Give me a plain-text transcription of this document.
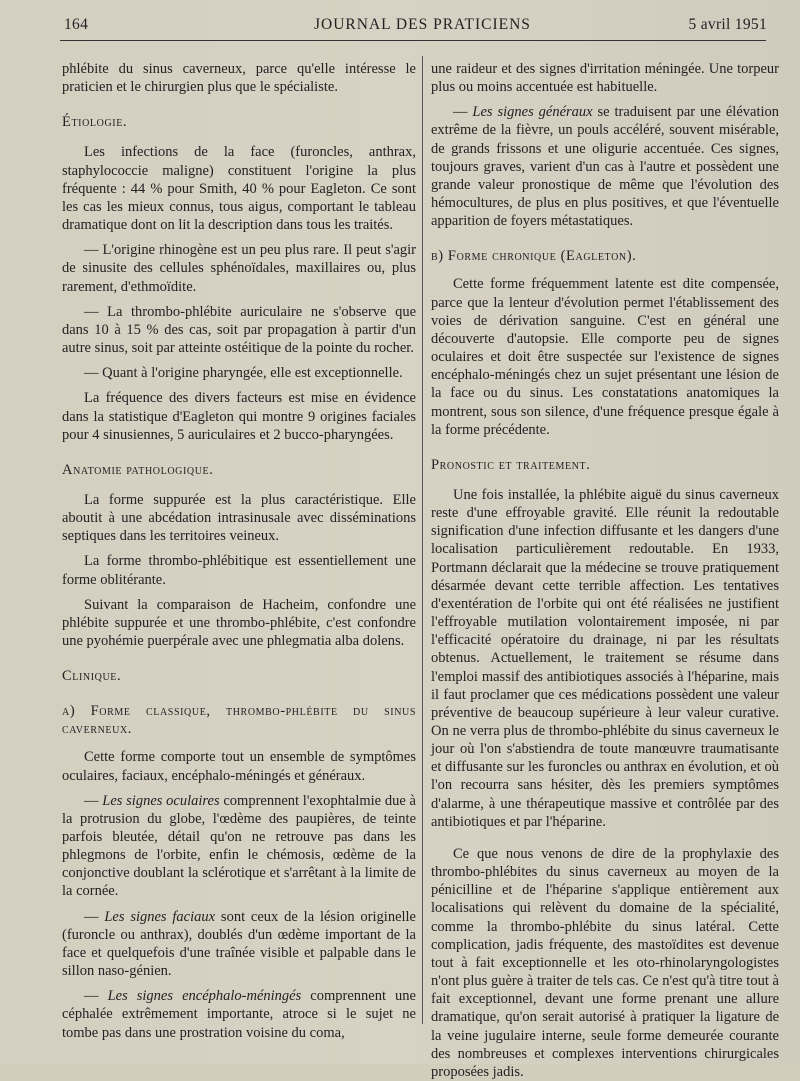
164	JOURNAL DES PRATICIENS	5 avril 1951

phlébite du sinus caverneux, parce qu'elle intéresse le praticien et le chirurgien plus que le spécialiste.

Étiologie.

Les infections de la face (furoncles, anthrax, staphylococcie maligne) constituent l'origine la plus fréquente : 44 % pour Smith, 40 % pour Eagleton. Ce sont les cas les mieux connus, tous aigus, comportant le tableau dramatique dont on lit la description dans tous les traités.

— L'origine rhinogène est un peu plus rare. Il peut s'agir de sinusite des cellules sphénoïdales, maxillaires ou, plus rarement, d'ethmoïdite.

— La thrombo-phlébite auriculaire ne s'observe que dans 10 à 15 % des cas, soit par propagation à partir d'un autre sinus, soit par atteinte ostéitique de la pointe du rocher.

— Quant à l'origine pharyngée, elle est exceptionnelle.

La fréquence des divers facteurs est mise en évidence dans la statistique d'Eagleton qui montre 9 origines faciales pour 4 sinusiennes, 5 auriculaires et 2 bucco-pharyngées.

Anatomie pathologique.

La forme suppurée est la plus caractéristique. Elle aboutit à une abcédation intrasinusale avec disséminations septiques dans les territoires veineux.

La forme thrombo-phlébitique est essentiellement une forme oblitérante.

Suivant la comparaison de Hacheim, confondre une phlébite suppurée et une thrombo-phlébite, c'est confondre une pyohémie puerpérale avec une phlegmatia alba dolens.

Clinique.
a) Forme classique, thrombo-phlébite du sinus caverneux.

Cette forme comporte tout un ensemble de symptômes oculaires, faciaux, encéphalo-méningés et généraux.

— Les signes oculaires comprennent l'exophtalmie due à la protrusion du globe, l'œdème des paupières, de teinte parfois bleutée, détail qu'on ne retrouve pas dans les phlegmons de l'orbite, enfin le chémosis, œdème de la conjonctive doublant la sclérotique et s'arrêtant à la limite de la cornée.

— Les signes faciaux sont ceux de la lésion originelle (furoncle ou anthrax), doublés d'un œdème important de la face et quelquefois d'une traînée visible et palpable dans le sillon naso-génien.

— Les signes encéphalo-méningés comprennent une céphalée extrêmement importante, atroce si le sujet ne tombe pas dans une prostration voisine du coma,

une raideur et des signes d'irritation méningée. Une torpeur plus ou moins accentuée est habituelle.

— Les signes généraux se traduisent par une élévation extrême de la fièvre, un pouls accéléré, souvent misérable, de grands frissons et une oligurie accentuée. Ces signes, toujours graves, varient d'un cas à l'autre et possèdent une grande valeur pronostique de même que l'évolution des hémocultures, de plus en plus positives, et que l'éventuelle apparition de foyers métastatiques.

b) Forme chronique (Eagleton).

Cette forme fréquemment latente est dite compensée, parce que la lenteur d'évolution permet l'établissement des voies de dérivation sanguine. C'est en général une découverte d'autopsie. Elle comporte peu de signes oculaires et doit être suspectée sur l'existence de signes encéphalo-méningés chez un sujet présentant une lésion de la face ou du sinus. Les constatations anatomiques la montrent, sous son silence, d'une fréquence presque égale à la forme précédente.

Pronostic et traitement.

Une fois installée, la phlébite aiguë du sinus caverneux reste d'une effroyable gravité. Elle réunit la redoutable signification d'une infection diffusante et les dangers d'une localisation particulièrement redoutable. En 1933, Portmann déclarait que la médecine se trouve pratiquement désarmée devant cette terrible affection. Les tentatives d'exentération de l'orbite qui ont été réalisées ne justifient l'effroyable mutilation volontairement imposée, ni par l'efficacité opératoire du drainage, ni par les résultats obtenus. Actuellement, le traitement se résume dans l'emploi massif des antibiotiques associés à l'héparine, mais il faut proclamer que ces médications possèdent une valeur préventive de beaucoup supérieure à leur valeur curative. On ne verra plus de thrombo-phlébite du sinus caverneux le jour où l'on s'abstiendra de toute manœuvre traumatisante et diffusante sur les furoncles ou anthrax en évolution, et où l'on recourra sans hésiter, dès les premiers symptômes d'alarme, à une thérapeutique massive et contrôlée par des antibiotiques et par l'héparine.

Ce que nous venons de dire de la prophylaxie des thrombo-phlébites du sinus caverneux au moyen de la pénicilline et de l'héparine s'applique entièrement aux localisations qui relèvent du domaine de la spécialité, comme la thrombo-phlébite du sinus latéral. Cette complication, jadis fréquente, des mastoïdites est devenue tout à fait exceptionnelle et les oto-rhinolaryngologistes n'ont plus guère à traiter de tels cas. Ce n'est qu'à titre tout à fait exceptionnel, devant une forme prenant une allure dramatique, qu'on serait autorisé à pratiquer la ligature de la veine jugulaire interne, seule forme demeurée courante des nombreuses et complexes interventions chirurgicales proposées jadis.
